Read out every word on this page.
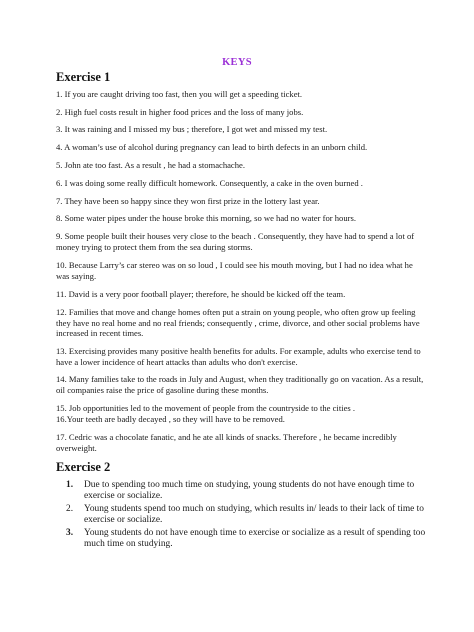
KEYS
Exercise 1
1. If you are caught driving too fast, then you will get a speeding ticket.
2. High fuel costs result in higher food prices and the loss of many jobs.
3. It was raining and I missed my bus ; therefore, I got wet and missed my test.
4. A woman’s use of alcohol during pregnancy can lead to birth defects in an unborn child.
5. John ate too fast. As a result , he had a stomachache.
6. I was doing some really difficult homework. Consequently, a cake in the oven burned .
7. They have been so happy since they won first prize in the lottery last year.
8. Some water pipes under the house broke this morning, so we had no water for hours.
9. Some people built their houses very close to the beach . Consequently, they have had to spend a lot of money trying to protect them from the sea during storms.
10. Because Larry’s car stereo was on so loud , I could see his mouth moving, but I had no idea what he was saying.
11. David is a very poor football player; therefore, he should be kicked off the team.
12. Families that move and change homes often put a strain on young people, who often grow up feeling they have no real home and no real friends; consequently , crime, divorce, and other social problems have increased in recent times.
13. Exercising provides many positive health benefits for adults. For example, adults who exercise tend to have a lower incidence of heart attacks than adults who don't exercise.
14. Many families take to the roads in July and August, when they traditionally go on vacation. As a result, oil companies raise the price of gasoline during these months.
15. Job opportunities led to the movement of people from the countryside to the cities .
16.Your teeth are badly decayed , so they will have to be removed.
17. Cedric was a chocolate fanatic, and he ate all kinds of snacks. Therefore , he became incredibly overweight.
Exercise 2
1. Due to spending too much time on studying, young students do not have enough time to exercise or socialize.
2. Young students spend too much on studying, which results in/ leads to their lack of time to exercise or socialize.
3. Young students do not have enough time to exercise or socialize as a result of spending too much time on studying.
